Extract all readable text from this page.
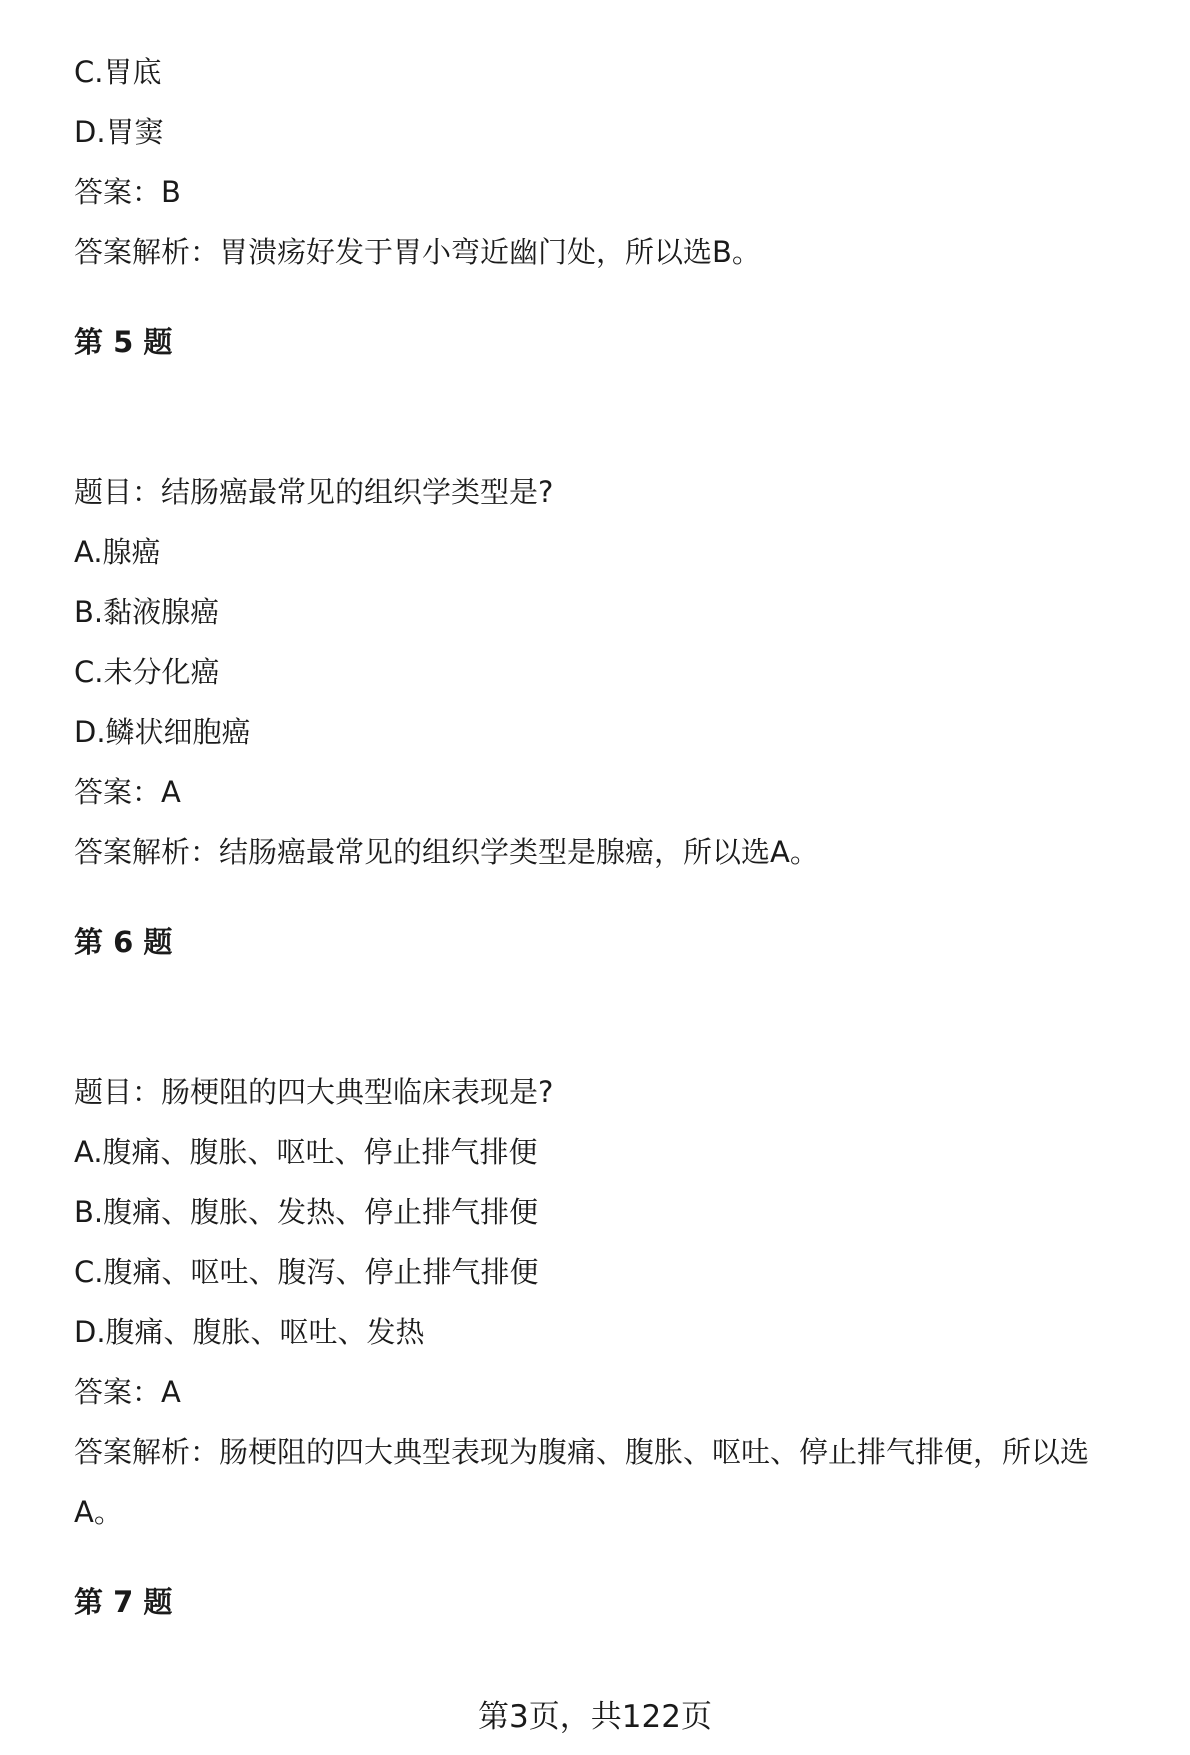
C.胃底
D.胃窦
答案：B
答案解析：胃溃疡好发于胃小弯近幽门处，所以选B。
第 5 题
题目：结肠癌最常见的组织学类型是?
A.腺癌
B.黏液腺癌
C.未分化癌
D.鳞状细胞癌
答案：A
答案解析：结肠癌最常见的组织学类型是腺癌，所以选A。
第 6 题
题目：肠梗阻的四大典型临床表现是?
A.腹痛、腹胀、呕吐、停止排气排便
B.腹痛、腹胀、发热、停止排气排便
C.腹痛、呕吐、腹泻、停止排气排便
D.腹痛、腹胀、呕吐、发热
答案：A
答案解析：肠梗阻的四大典型表现为腹痛、腹胀、呕吐、停止排气排便，所以选
A。
第 7 题
第3页，共122页
